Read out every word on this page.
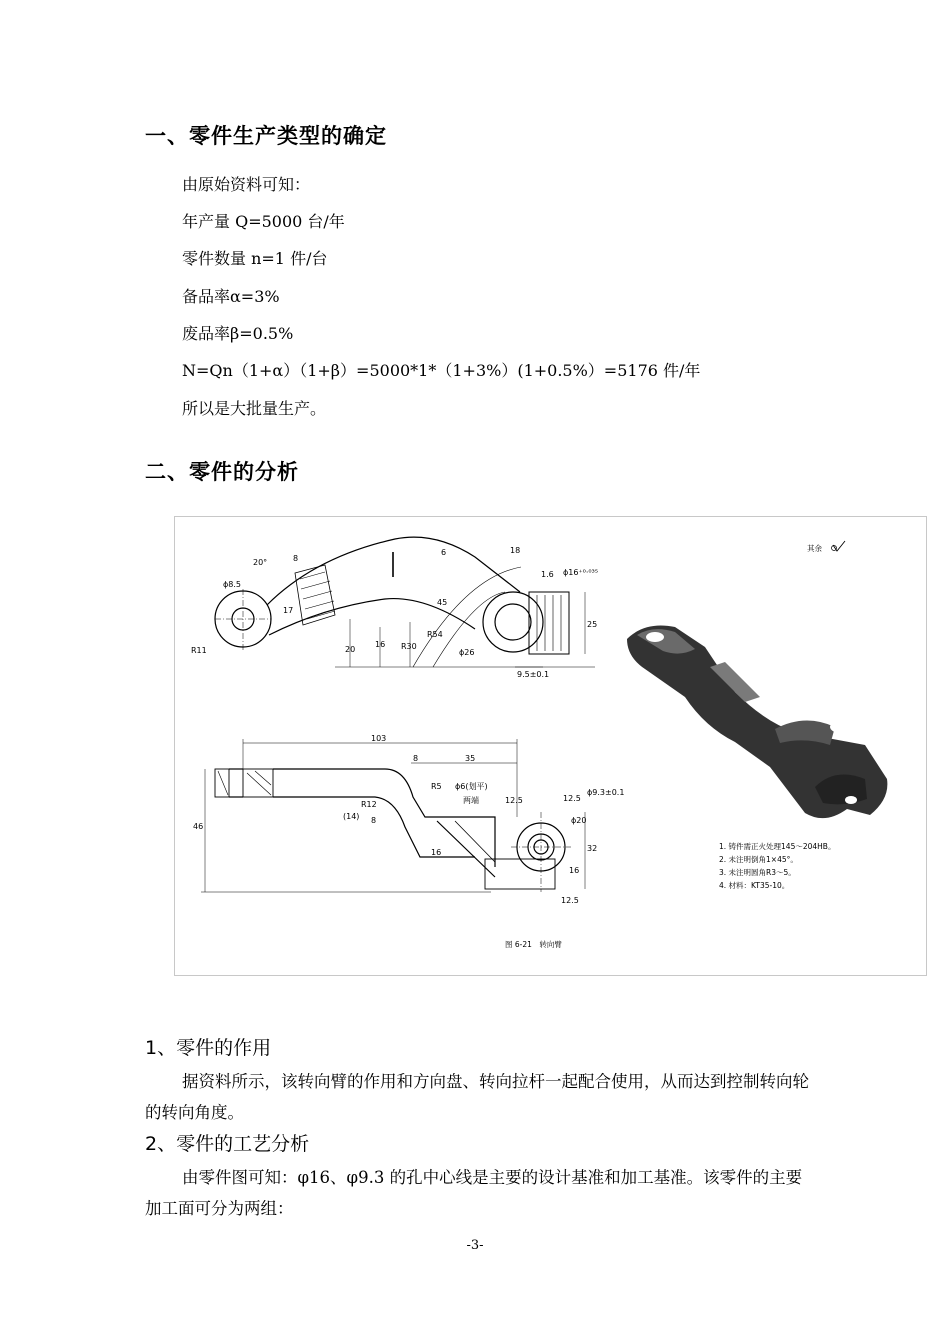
一、零件生产类型的确定
由原始资料可知：
年产量 Q=5000 台/年
零件数量 n=1 件/台
备品率α=3%
废品率β=0.5%
N=Qn（1+α）（1+β）=5000*1*（1+3%）(1+0.5%）=5176 件/年
所以是大批量生产。
二、零件的分析
ϕ8.5
20°	8
17
R11
6	18
1.6 ϕ16⁺⁰·⁰³⁵
45
20
16 R30
R54
ϕ26
25
9.5±0.1
103
8	35
R5 ϕ6(划平)
两端
ϕ9.3±0.1
R12
(14) 8
46
16
ϕ20
32
16
12.5	12.5
12.5
其余
1. 铸件需正火处理145～204HB。
2. 未注明倒角1×45°。
3. 未注明圆角R3～5。
4. 材料：KT35-10。
图 6-21　转向臂
1、零件的作用
据资料所示，该转向臂的作用和方向盘、转向拉杆一起配合使用，从而达到控制转向轮的转向角度。
2、零件的工艺分析
由零件图可知：φ16、φ9.3 的孔中心线是主要的设计基准和加工基准。该零件的主要加工面可分为两组：
-3-
